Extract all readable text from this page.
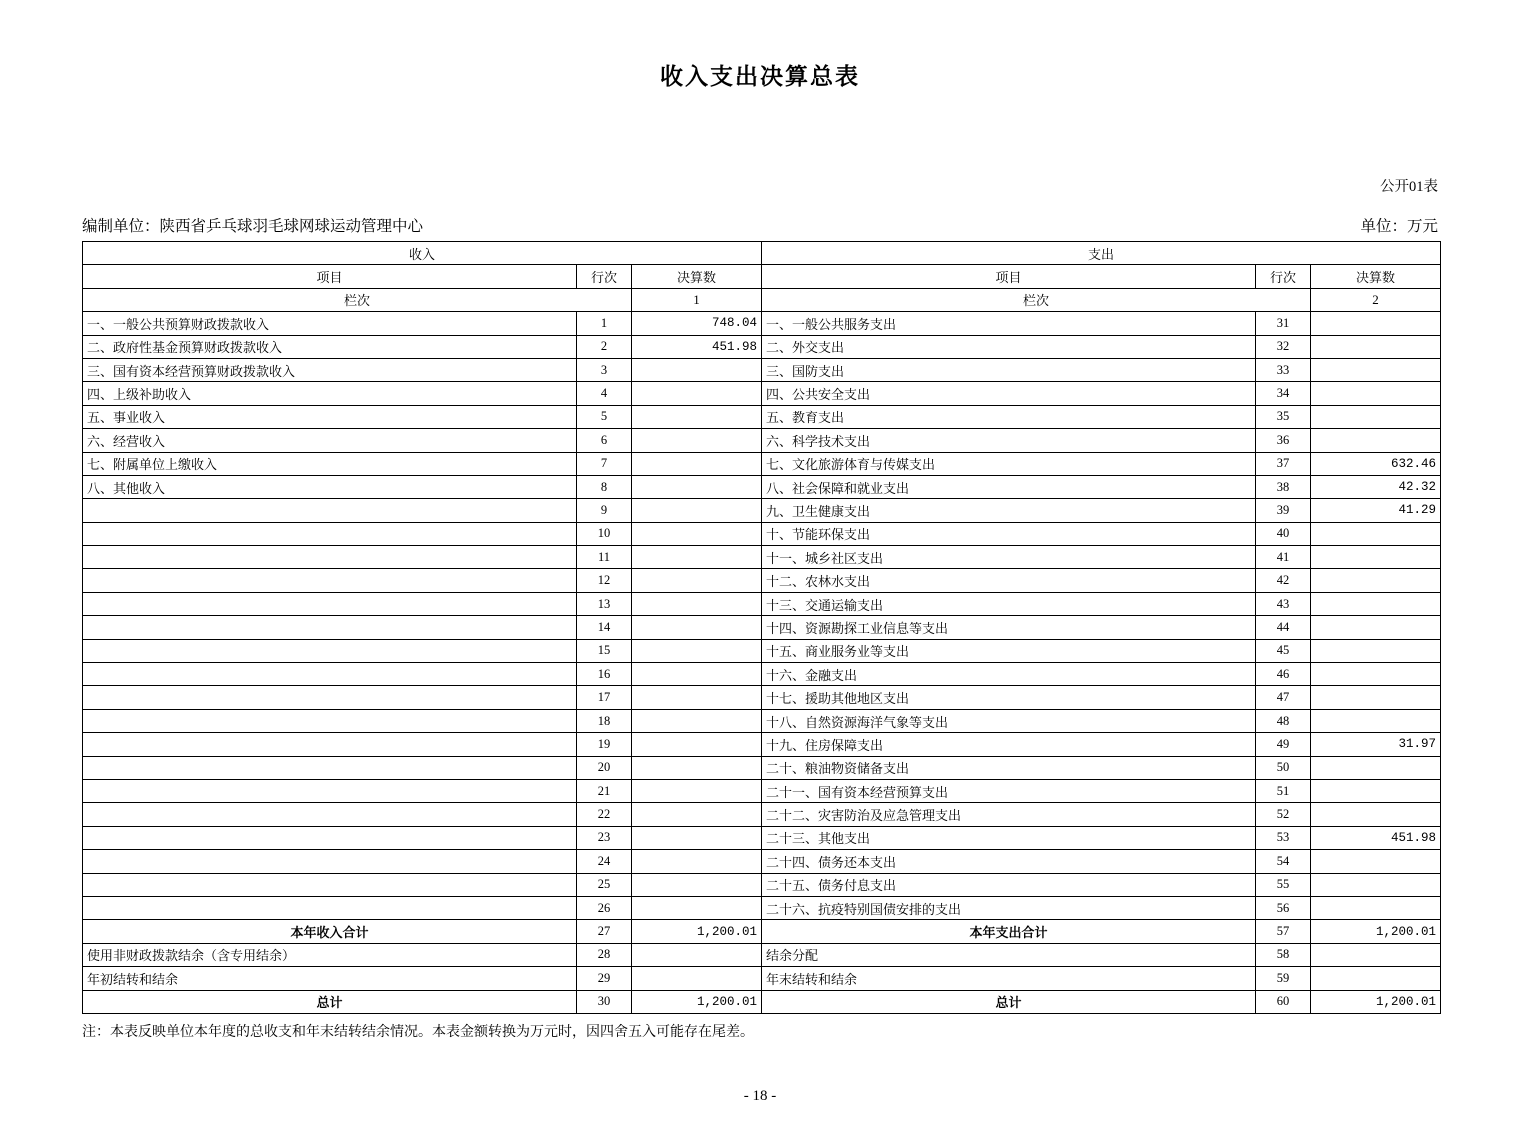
收入支出决算总表
公开01表
编制单位：陕西省乒乓球羽毛球网球运动管理中心	单位：万元
收入			支出		
项目	行次	决算数	项目	行次	决算数
栏次		1	栏次		2
一、一般公共预算财政拨款收入	1	748.04	一、一般公共服务支出	31	
二、政府性基金预算财政拨款收入	2	451.98	二、外交支出	32	
三、国有资本经营预算财政拨款收入	3		三、国防支出	33	
四、上级补助收入	4		四、公共安全支出	34	
五、事业收入	5		五、教育支出	35	
六、经营收入	6		六、科学技术支出	36	
七、附属单位上缴收入	7		七、文化旅游体育与传媒支出	37	632.46
八、其他收入	8		八、社会保障和就业支出	38	42.32
	9		九、卫生健康支出	39	41.29
	10		十、节能环保支出	40	
	11		十一、城乡社区支出	41	
	12		十二、农林水支出	42	
	13		十三、交通运输支出	43	
	14		十四、资源勘探工业信息等支出	44	
	15		十五、商业服务业等支出	45	
	16		十六、金融支出	46	
	17		十七、援助其他地区支出	47	
	18		十八、自然资源海洋气象等支出	48	
	19		十九、住房保障支出	49	31.97
	20		二十、粮油物资储备支出	50	
	21		二十一、国有资本经营预算支出	51	
	22		二十二、灾害防治及应急管理支出	52	
	23		二十三、其他支出	53	451.98
	24		二十四、债务还本支出	54	
	25		二十五、债务付息支出	55	
	26		二十六、抗疫特别国债安排的支出	56	
本年收入合计	27	1,200.01	本年支出合计	57	1,200.01
使用非财政拨款结余（含专用结余）	28		结余分配	58	
年初结转和结余	29		年末结转和结余	59	
总计	30	1,200.01	总计	60	1,200.01
注：本表反映单位本年度的总收支和年末结转结余情况。本表金额转换为万元时，因四舍五入可能存在尾差。
- 18 -
